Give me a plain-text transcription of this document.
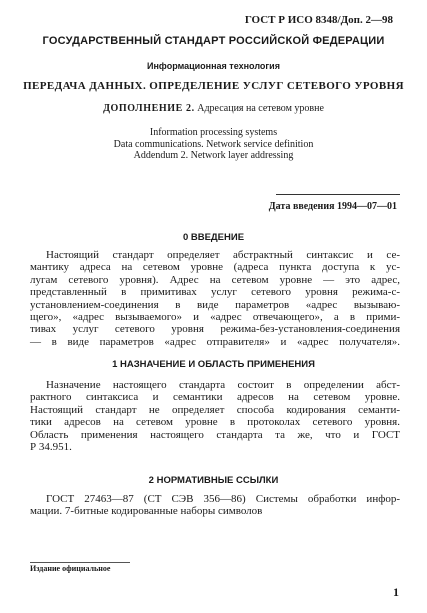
ГОСТ Р ИСО 8348/Доп. 2—98
ГОСУДАРСТВЕННЫЙ СТАНДАРТ РОССИЙСКОЙ ФЕДЕРАЦИИ
Информационная технология
ПЕРЕДАЧА ДАННЫХ. ОПРЕДЕЛЕНИЕ УСЛУГ СЕТЕВОГО УРОВНЯ
ДОПОЛНЕНИЕ 2. Адресация на сетевом уровне
Information processing systems
Data communications. Network service definition
Addendum 2. Network layer addressing
Дата введения 1994—07—01
0 ВВЕДЕНИЕ
Настоящий стандарт определяет абстрактный синтаксис и се-
мантику адреса на сетевом уровне (адреса пункта доступа к ус-
лугам сетевого уровня). Адрес на сетевом уровне — это адрес,
представленный в примитивах услуг сетевого уровня режима-с-
установлением-соединения в виде параметров «адрес вызываю-
щего», «адрес вызываемого» и «адрес отвечающего», а в прими-
тивах услуг сетевого уровня режима-без-установления-соединения
— в виде параметров «адрес отправителя» и «адрес получателя».
1 НАЗНАЧЕНИЕ И ОБЛАСТЬ ПРИМЕНЕНИЯ
Назначение настоящего стандарта состоит в определении абст-
рактного синтаксиса и семантики адресов на сетевом уровне.
Настоящий стандарт не определяет способа кодирования семанти-
тики адресов на сетевом уровне в протоколах сетевого уровня.
Область применения настоящего стандарта та же, что и ГОСТ
Р 34.951.
2 НОРМАТИВНЫЕ ССЫЛКИ
ГОСТ 27463—87 (СТ СЭВ 356—86) Системы обработки инфор-
мации. 7-битные кодированные наборы символов
Издание официальное
1
